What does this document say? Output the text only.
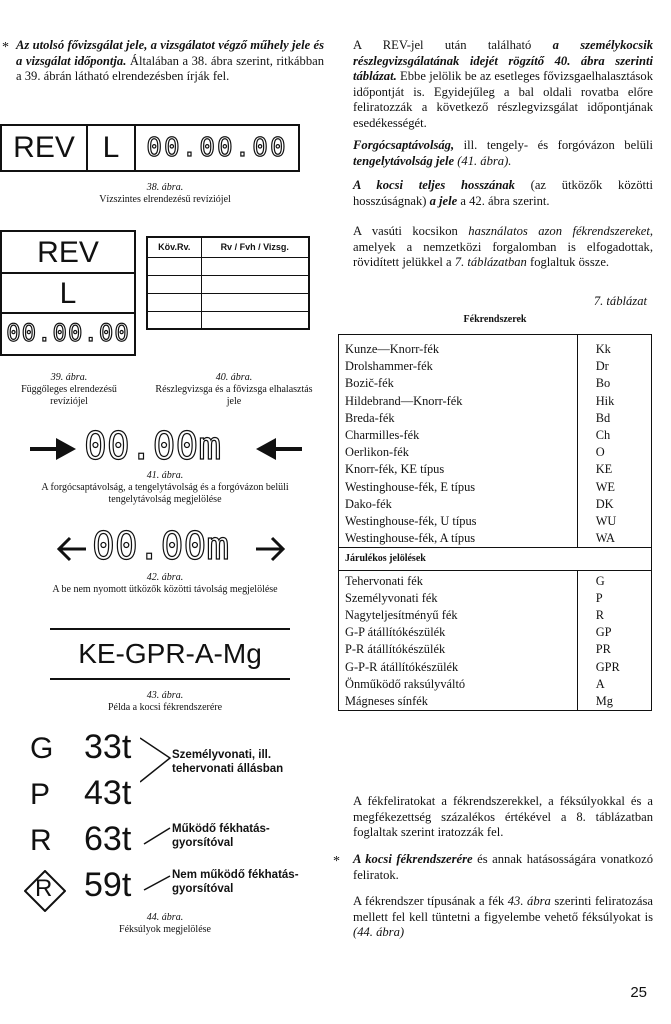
* Az utolsó fővizsgálat jele, a vizsgálatot végző műhely jele és a vizsgálat időpontja. Általában a 38. ábra szerint, ritkábban a 39. ábrán látható elrendezésben írják fel.

REV L	00.00.00
38. ábra.
Vízszintes elrendezésű revíziójel
REV
L
00.00.00
39. ábra.
Függőleges elrendezésű revíziójel
Köv.Rv.	Rv / Fvh / Vizsg.

40. ábra.
Részlegvizsga és a fővizsga elhalasztás jele
00.00m
41. ábra.
A forgócsaptávolság, a tengelytávolság és a forgóvázon belüli tengelytávolság megjelölése
00.00m
42. ábra.
A be nem nyomott ütközők közötti távolság megjelölése
KE-GPR-A-Mg
43. ábra.
Példa a kocsi fékrendszerére
G 33t
P 43t
R 63t
R 59t
Személyvonati, ill. tehervonati állásban
Működő fékhatás-gyorsítóval
Nem működő fékhatás-gyorsítóval
44. ábra.
Féksúlyok megjelölése

A REV-jel után található a személykocsik részlegvizsgálatának idejét rögzítő 40. ábra szerinti táblázat. Ebbe jelölik be az esetleges fővizsgaelhalasztások időpontját is. Egyidejűleg a bal oldali rovatba előre feliratozzák a következő részlegvizsgálat időpontjának esedékességét.

Forgócsaptávolság, ill. tengely- és forgóvázon belüli tengelytávolság jele (41. ábra).

A kocsi teljes hosszának (az ütközők közötti hosszúságnak) a jele a 42. ábra szerint.

A vasúti kocsikon használatos azon fékrendszereket, amelyek a nemzetközi forgalomban is elfogadottak, rövidített jelükkel a 7. táblázatban foglaltuk össze.

7. táblázat
Fékrendszerek
Kunze—Knorr-fék	Kk
Drolshammer-fék	Dr
Bozič-fék	Bo
Hildebrand—Knorr-fék	Hik
Breda-fék	Bd
Charmilles-fék	Ch
Oerlikon-fék	O
Knorr-fék, KE típus	KE
Westinghouse-fék, E típus	WE
Dako-fék	DK
Westinghouse-fék, U típus	WU
Westinghouse-fék, A típus	WA
Járulékos jelölések	
Tehervonati fék	G
Személyvonati fék	P
Nagyteljesítményű fék	R
G-P átállítókészülék	GP
P-R átállítókészülék	PR
G-P-R átállítókészülék	GPR
Önműködő raksúlyváltó	A
Mágneses sínfék	Mg

A fékfeliratokat a fékrendszerekkel, a féksúlyokkal és a megfékezettség százalékos értékével a 8. táblázatban foglaltak szerint iratozzák fel.

* A kocsi fékrendszerére és annak hatásosságára vonatkozó feliratok.

A fékrendszer típusának a fék 43. ábra szerinti feliratozása mellett fel kell tüntetni a figyelembe vehető féksúlyokat is (44. ábra)

25
